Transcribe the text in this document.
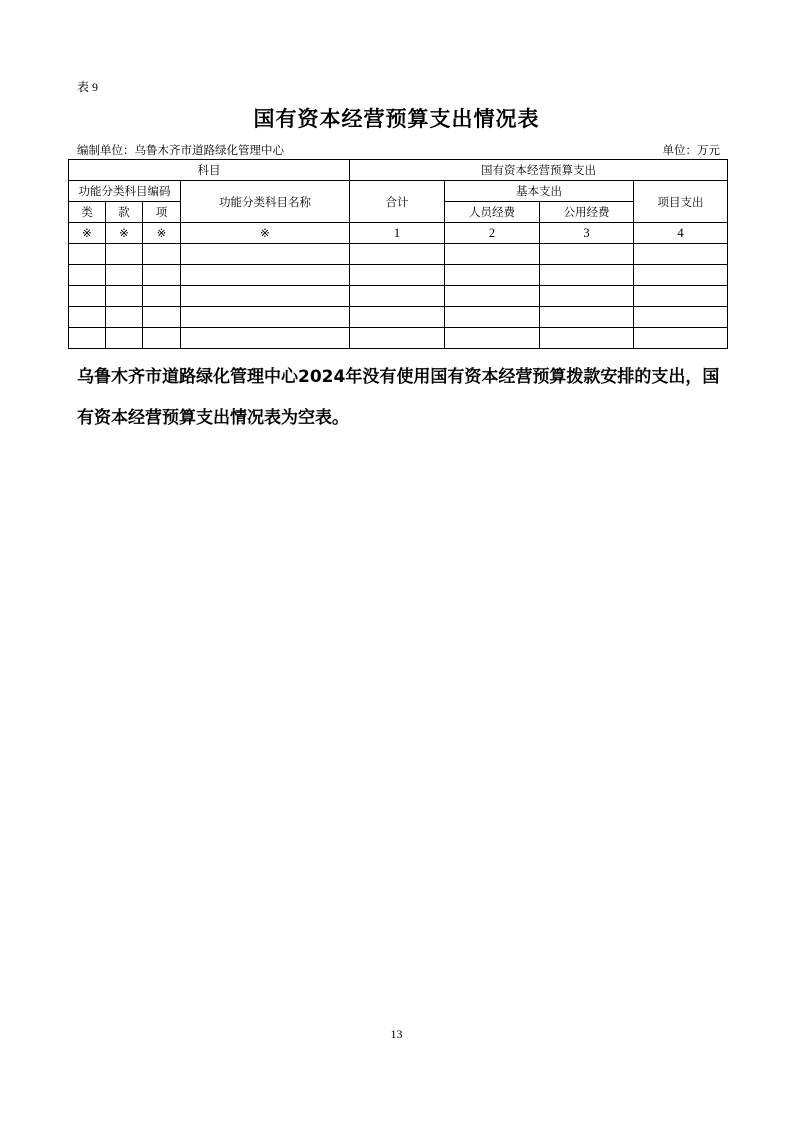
表 9
国有资本经营预算支出情况表
编制单位：乌鲁木齐市道路绿化管理中心	单位：万元
科目				国有资本经营预算支出			
功能分类科目编码			功能分类科目名称	合计	基本支出		项目支出
类	款	项			人员经费	公用经费	
※	※	※	※	1	2	3	4

乌鲁木齐市道路绿化管理中心2024年没有使用国有资本经营预算拨款安排的支出，国有资本经营预算支出情况表为空表。
13
